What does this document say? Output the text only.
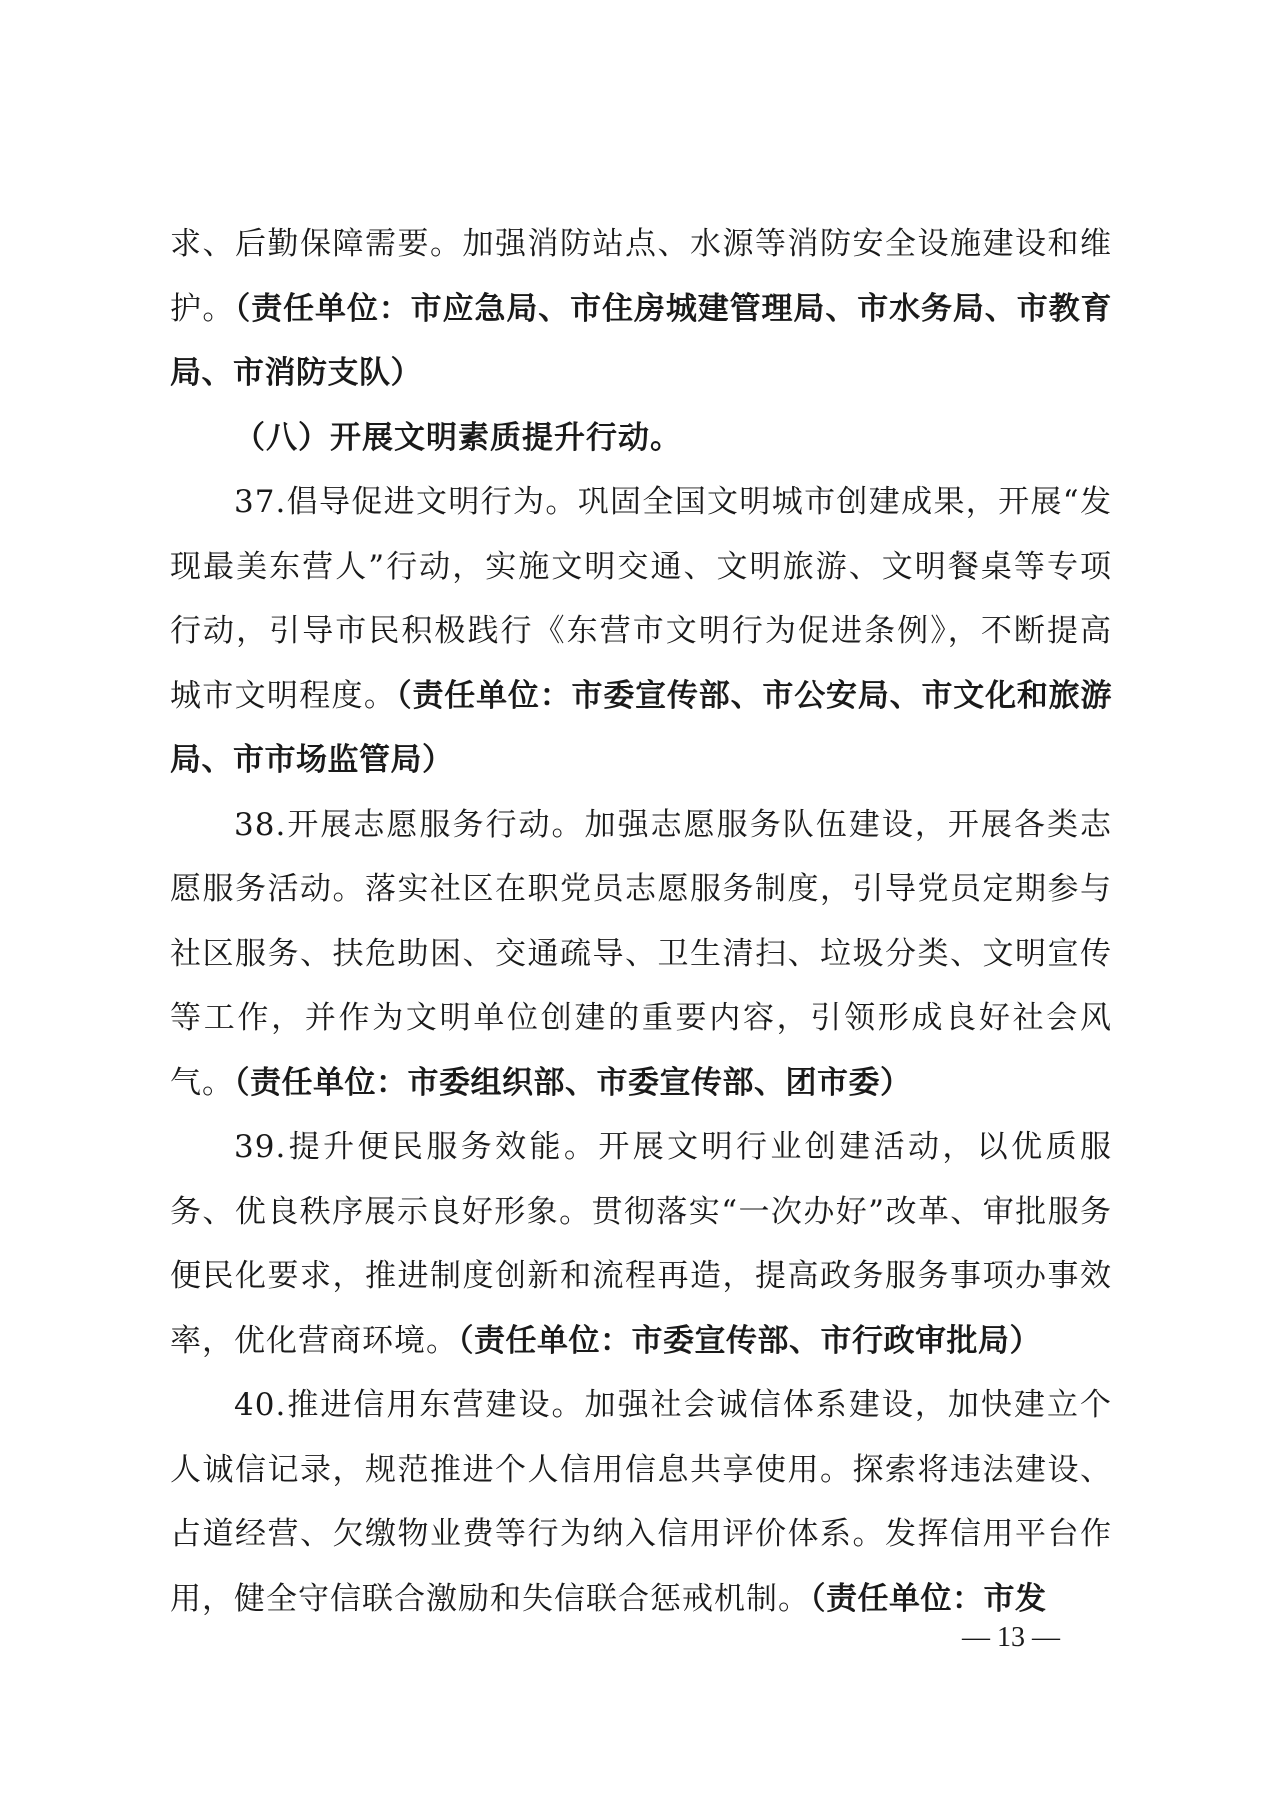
求、后勤保障需要。加强消防站点、水源等消防安全设施建设和维护。（责任单位：市应急局、市住房城建管理局、市水务局、市教育局、市消防支队）

（八）开展文明素质提升行动。

37.倡导促进文明行为。巩固全国文明城市创建成果，开展“发现最美东营人”行动，实施文明交通、文明旅游、文明餐桌等专项行动，引导市民积极践行《东营市文明行为促进条例》，不断提高城市文明程度。（责任单位：市委宣传部、市公安局、市文化和旅游局、市市场监管局）

38.开展志愿服务行动。加强志愿服务队伍建设，开展各类志愿服务活动。落实社区在职党员志愿服务制度，引导党员定期参与社区服务、扶危助困、交通疏导、卫生清扫、垃圾分类、文明宣传等工作，并作为文明单位创建的重要内容，引领形成良好社会风气。（责任单位：市委组织部、市委宣传部、团市委）

39.提升便民服务效能。开展文明行业创建活动，以优质服务、优良秩序展示良好形象。贯彻落实“一次办好”改革、审批服务便民化要求，推进制度创新和流程再造，提高政务服务事项办事效率，优化营商环境。（责任单位：市委宣传部、市行政审批局）

40.推进信用东营建设。加强社会诚信体系建设，加快建立个人诚信记录，规范推进个人信用信息共享使用。探索将违法建设、占道经营、欠缴物业费等行为纳入信用评价体系。发挥信用平台作用，健全守信联合激励和失信联合惩戒机制。（责任单位：市发

— 13 —
